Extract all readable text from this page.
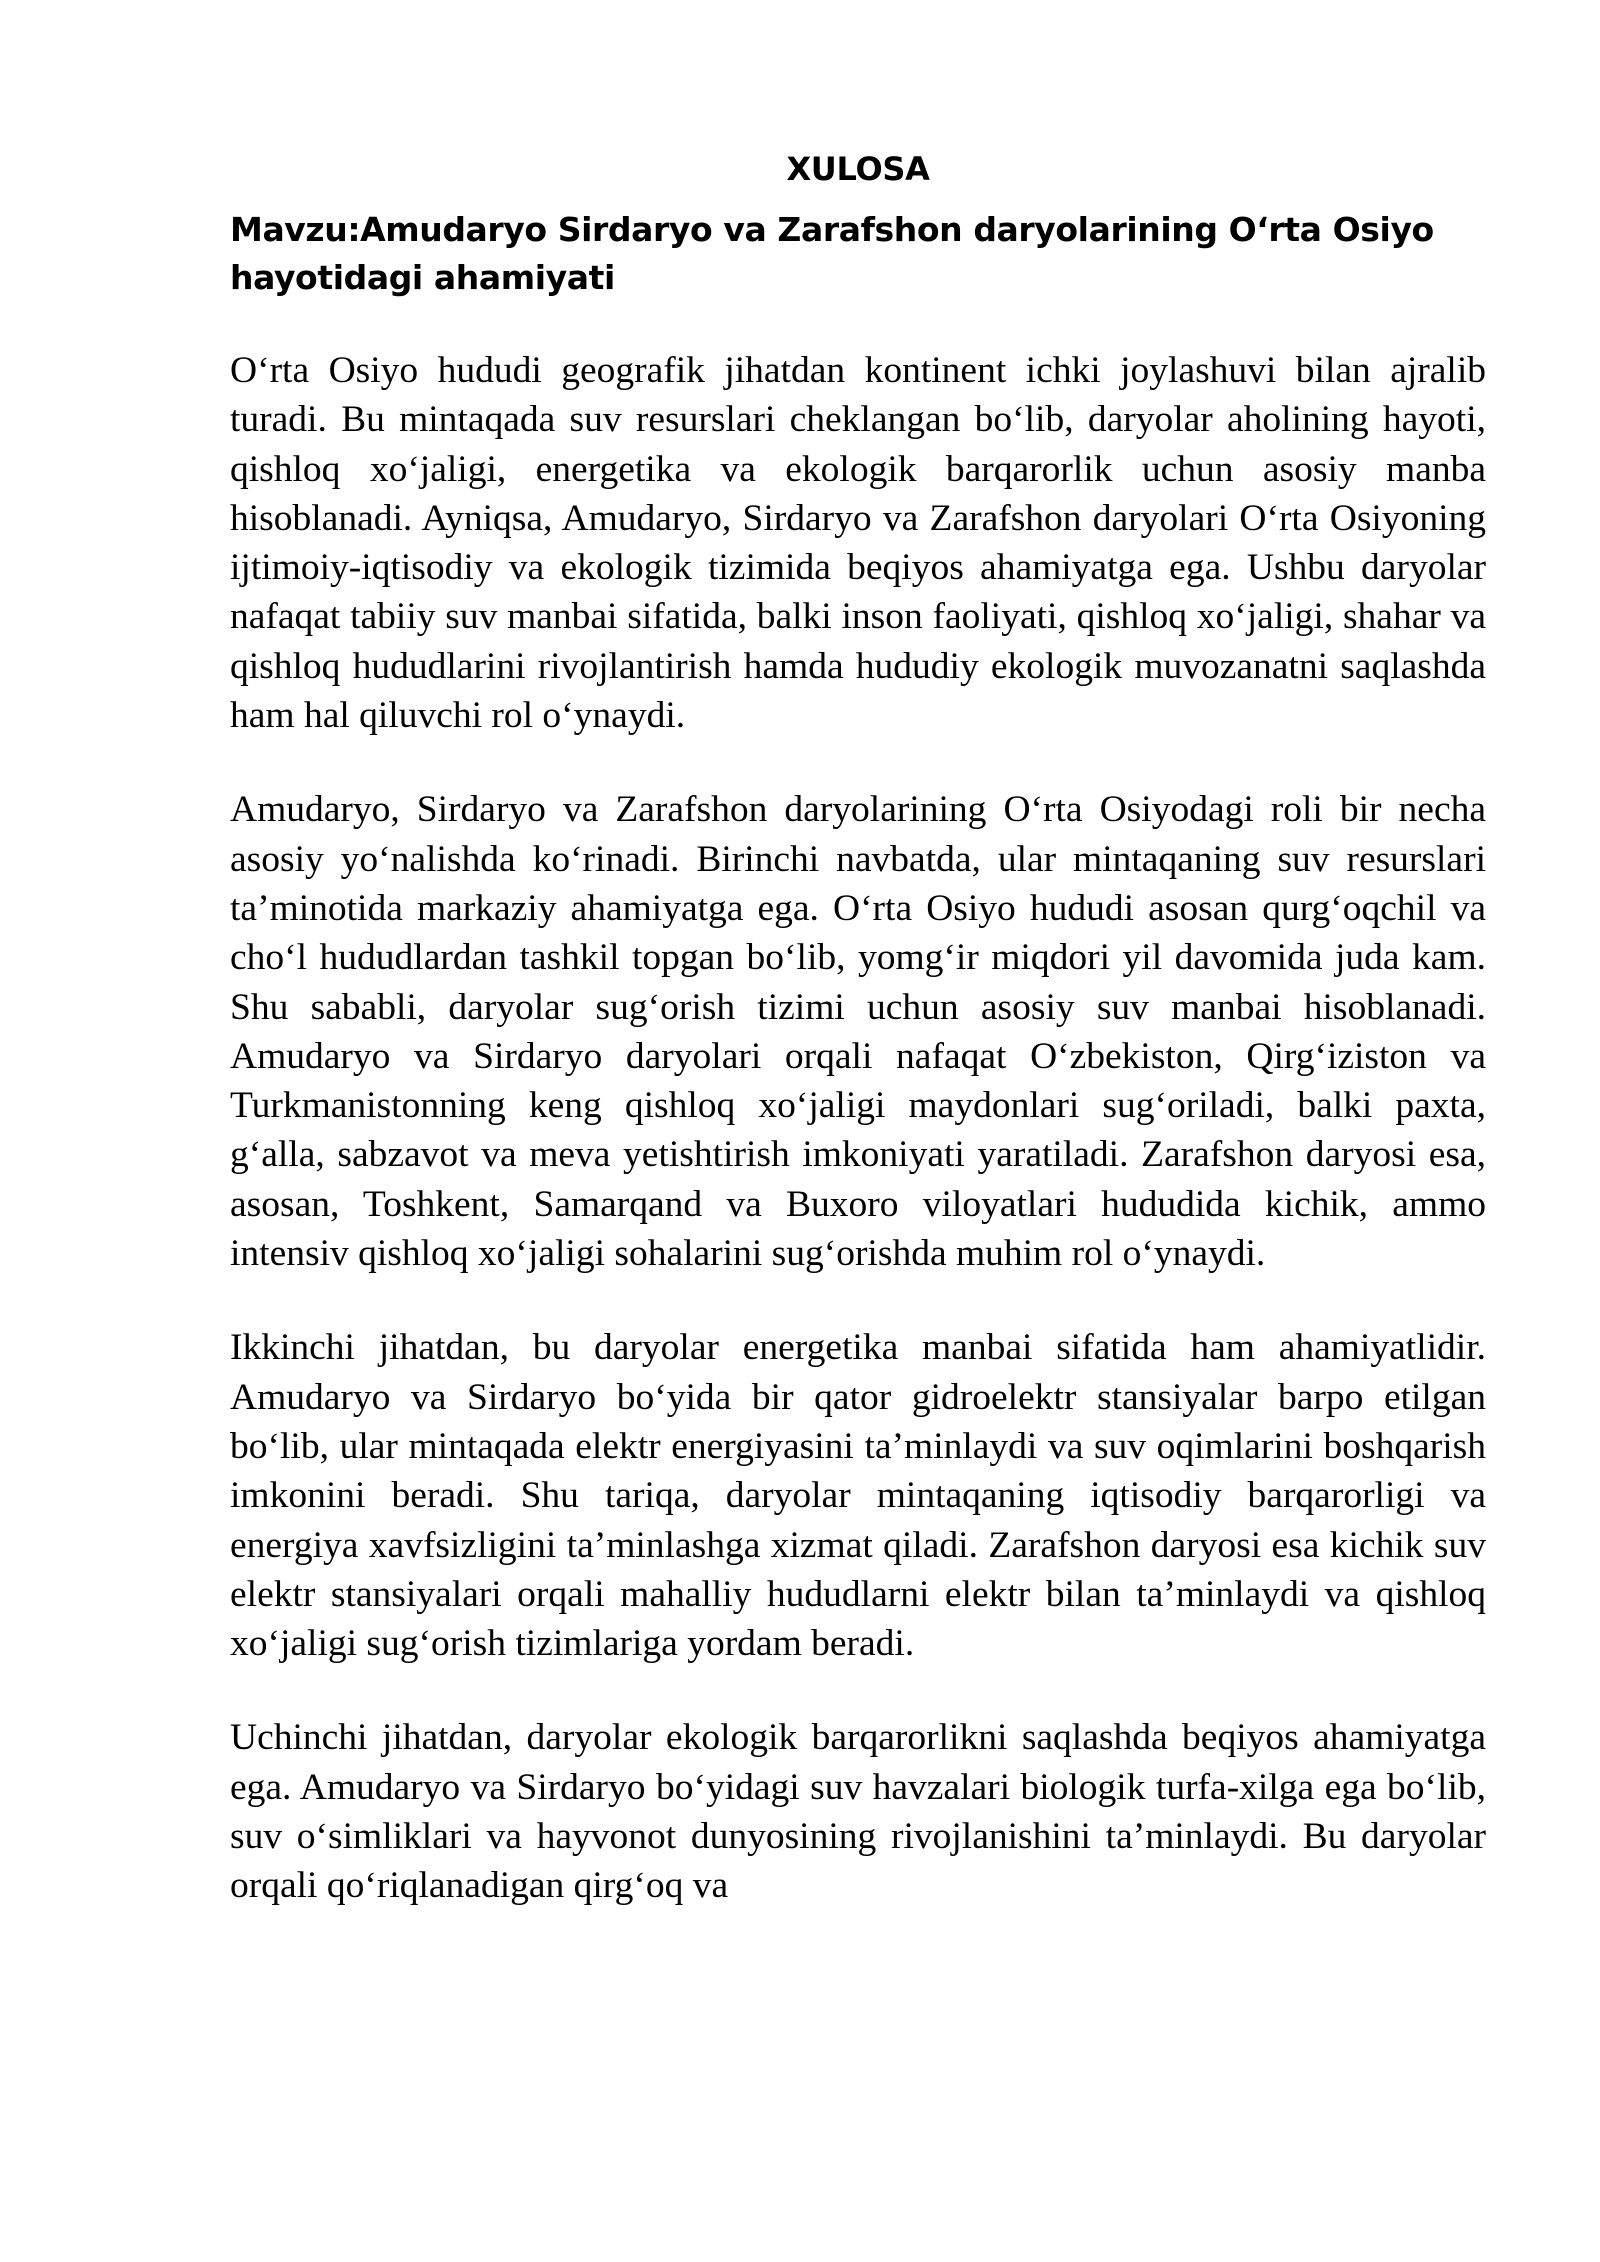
XULOSA
Mavzu:Amudaryo Sirdaryo va Zarafshon daryolarining O‘rta Osiyo hayotidagi ahamiyati

O‘rta Osiyo hududi geografik jihatdan kontinent ichki joylashuvi bilan ajralib turadi. Bu mintaqada suv resurslari cheklangan bo‘lib, daryolar aholining hayoti, qishloq xo‘jaligi, energetika va ekologik barqarorlik uchun asosiy manba hisoblanadi. Ayniqsa, Amudaryo, Sirdaryo va Zarafshon daryolari O‘rta Osiyoning ijtimoiy-iqtisodiy va ekologik tizimida beqiyos ahamiyatga ega. Ushbu daryolar nafaqat tabiiy suv manbai sifatida, balki inson faoliyati, qishloq xo‘jaligi, shahar va qishloq hududlarini rivojlantirish hamda hududiy ekologik muvozanatni saqlashda ham hal qiluvchi rol o‘ynaydi.

Amudaryo, Sirdaryo va Zarafshon daryolarining O‘rta Osiyodagi roli bir necha asosiy yo‘nalishda ko‘rinadi. Birinchi navbatda, ular mintaqaning suv resurslari ta’minotida markaziy ahamiyatga ega. O‘rta Osiyo hududi asosan qurg‘oqchil va cho‘l hududlardan tashkil topgan bo‘lib, yomg‘ir miqdori yil davomida juda kam. Shu sababli, daryolar sug‘orish tizimi uchun asosiy suv manbai hisoblanadi. Amudaryo va Sirdaryo daryolari orqali nafaqat O‘zbekiston, Qirg‘iziston va Turkmanistonning keng qishloq xo‘jaligi maydonlari sug‘oriladi, balki paxta, g‘alla, sabzavot va meva yetishtirish imkoniyati yaratiladi. Zarafshon daryosi esa, asosan, Toshkent, Samarqand va Buxoro viloyatlari hududida kichik, ammo intensiv qishloq xo‘jaligi sohalarini sug‘orishda muhim rol o‘ynaydi.

Ikkinchi jihatdan, bu daryolar energetika manbai sifatida ham ahamiyatlidir. Amudaryo va Sirdaryo bo‘yida bir qator gidroelektr stansiyalar barpo etilgan bo‘lib, ular mintaqada elektr energiyasini ta’minlaydi va suv oqimlarini boshqarish imkonini beradi. Shu tariqa, daryolar mintaqaning iqtisodiy barqarorligi va energiya xavfsizligini ta’minlashga xizmat qiladi. Zarafshon daryosi esa kichik suv elektr stansiyalari orqali mahalliy hududlarni elektr bilan ta’minlaydi va qishloq xo‘jaligi sug‘orish tizimlariga yordam beradi.

Uchinchi jihatdan, daryolar ekologik barqarorlikni saqlashda beqiyos ahamiyatga ega. Amudaryo va Sirdaryo bo‘yidagi suv havzalari biologik turfa-xilga ega bo‘lib, suv o‘simliklari va hayvonot dunyosining rivojlanishini ta’minlaydi. Bu daryolar orqali qo‘riqlanadigan qirg‘oq va
